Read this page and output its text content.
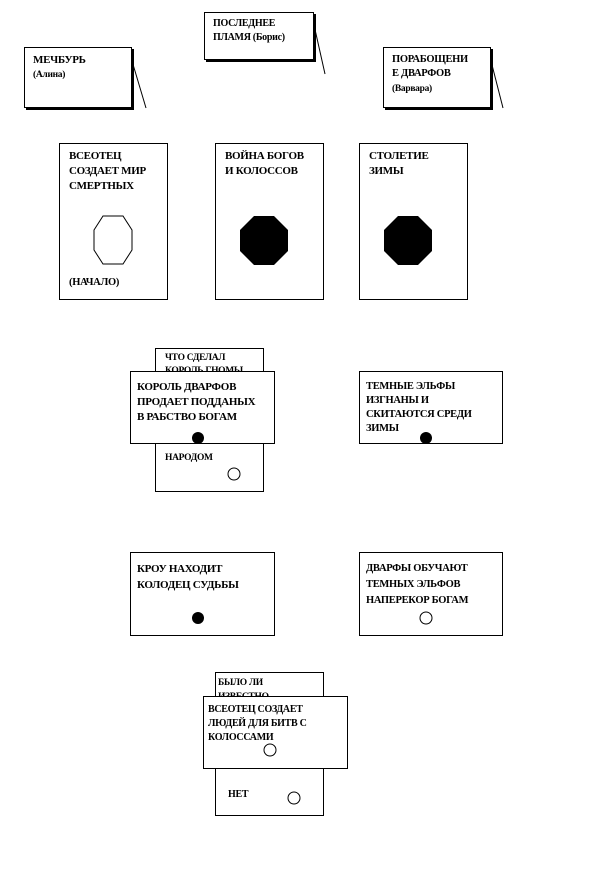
МЕЧБУРЬ
(Алина)
ПОСЛЕДНЕЕ
ПЛАМЯ (Борис)
ПОРАБОЩЕНИ
Е ДВАРФОВ
(Варвара)
ВСЕОТЕЦ
СОЗДАЕТ МИР
СМЕРТНЫХ
(НАЧАЛО)
ВОЙНА БОГОВ
И КОЛОССОВ
СТОЛЕТИЕ
ЗИМЫ
ЧТО СДЕЛАЛ

НАРОДОМ
КОРОЛЬ ДВАРФОВ
ПРОДАЕТ ПОДДАНЫХ
В РАБСТВО БОГАМ
ТЕМНЫЕ ЭЛЬФЫ
ИЗГНАНЫ И
СКИТАЮТСЯ СРЕДИ
ЗИМЫ
КРОУ НАХОДИТ
КОЛОДЕЦ СУДЬБЫ
ДВАРФЫ ОБУЧАЮТ
ТЕМНЫХ ЭЛЬФОВ
НАПЕРЕКОР БОГАМ
БЫЛО ЛИ

НЕТ
ВСЕОТЕЦ СОЗДАЕТ
ЛЮДЕЙ ДЛЯ БИТВ С
КОЛОССАМИ
